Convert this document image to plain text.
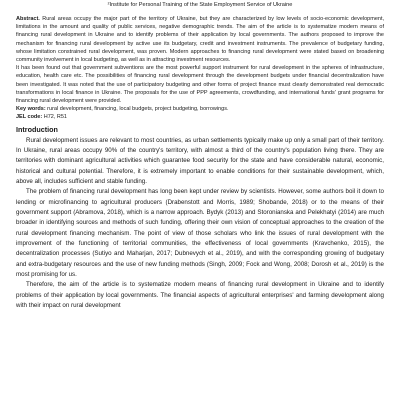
²Institute for Personal Training of the State Employment Service of Ukraine

Abstract. Rural areas occupy the major part of the territory of Ukraine, but they are characterized by low levels of socio-economic development, limitations in the amount and quality of public services, negative demographic trends. The aim of the article is to systematize modern means of financing rural development in Ukraine and to identify problems of their application by local governments. The authors proposed to improve the mechanism for financing rural development by active use its budgetary, credit and investment instruments. The prevalence of budgetary funding, whose limitation constrained rural development, was proven. Modern approaches to financing rural development were stated based on broadening community involvement in local budgeting, as well as in attracting investment resources.

It has been found out that government subventions are the most powerful support instrument for rural development in the spheres of infrastructure, education, health care etc. The possibilities of financing rural development through the development budgets under financial decentralization have been investigated. It was noted that the use of participatory budgeting and other forms of project finance must clearly demonstrated real democratic transformations in local finance in Ukraine. The proposals for the use of PPP agreements, crowdfunding, and international funds' grant programs for financing rural development were provided.

Key words: rural development, financing, local budgets, project budgeting, borrowings.

JEL code: H72, R51

Introduction

Rural development issues are relevant to most countries, as urban settlements typically make up only a small part of their territory. In Ukraine, rural areas occupy 90% of the country's territory, with almost a third of the country's population living there. They are territories with dominant agricultural activities which guarantee food security for the state and have considerable natural, economic, historical and cultural potential. Therefore, it is extremely important to enable conditions for their sustainable development, which, above all, includes sufficient and stable funding.

The problem of financing rural development has long been kept under review by scientists. However, some authors boil it down to lending or microfinancing to agricultural producers (Drabenstott and Morris, 1989; Shobande, 2018) or to the means of their government support (Abramova, 2018), which is a narrow approach. Bydyk (2013) and Storonianska and Pelekhatyi (2014) are much broader in identifying sources and methods of such funding, offering their own vision of conceptual approaches to the creation of the rural development financing mechanism. The point of view of those scholars who link the issues of rural development with the improvement of the functioning of territorial communities, the effectiveness of local governments (Kravchenko, 2015), the decentralization processes (Sutiyo and Maharjan, 2017; Dubnevych et al., 2019), and with the corresponding growing of budgetary and extra-budgetary resources and the use of new funding methods (Singh, 2009; Fock and Wong, 2008; Dorosh et al., 2019) is the most promising for us.

Therefore, the aim of the article is to systematize modern means of financing rural development in Ukraine and to identify problems of their application by local governments. The financial aspects of agricultural enterprises' and farming development along with their impact on rural development
